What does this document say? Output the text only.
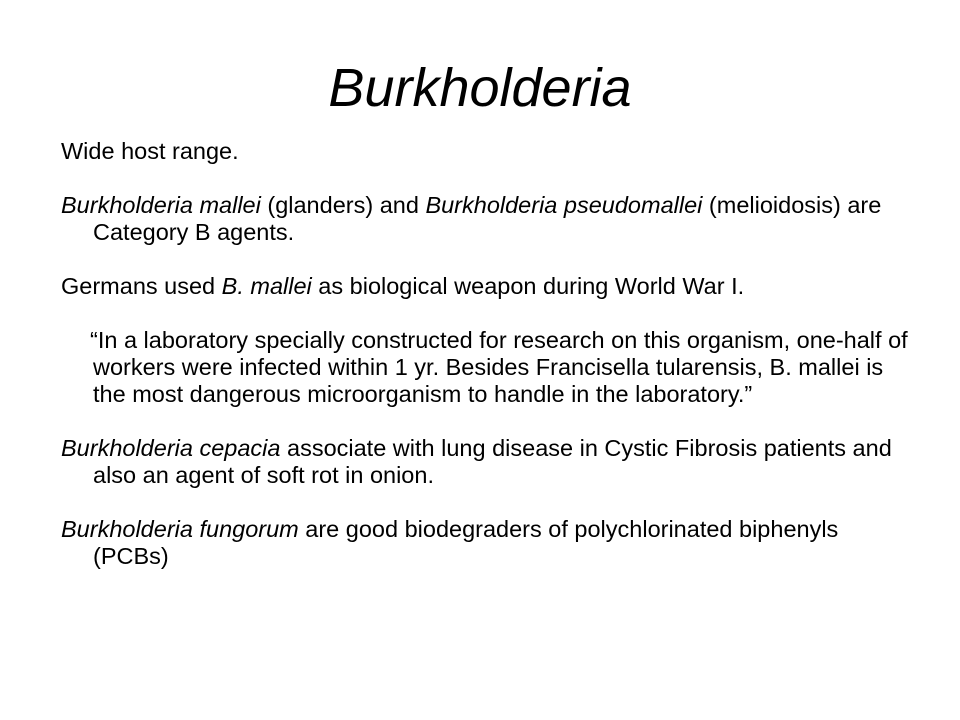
Burkholderia

Wide host range.

Burkholderia mallei (glanders) and Burkholderia pseudomallei (melioidosis) are Category B agents.

Germans used B. mallei as biological weapon during World War I.

“In a laboratory specially constructed for research on this organism, one-half of workers were infected within 1 yr. Besides Francisella tularensis, B. mallei is the most dangerous microorganism to handle in the laboratory.”

Burkholderia cepacia associate with lung disease in Cystic Fibrosis patients and also an agent of soft rot in onion.

Burkholderia fungorum are good biodegraders of polychlorinated biphenyls (PCBs)
